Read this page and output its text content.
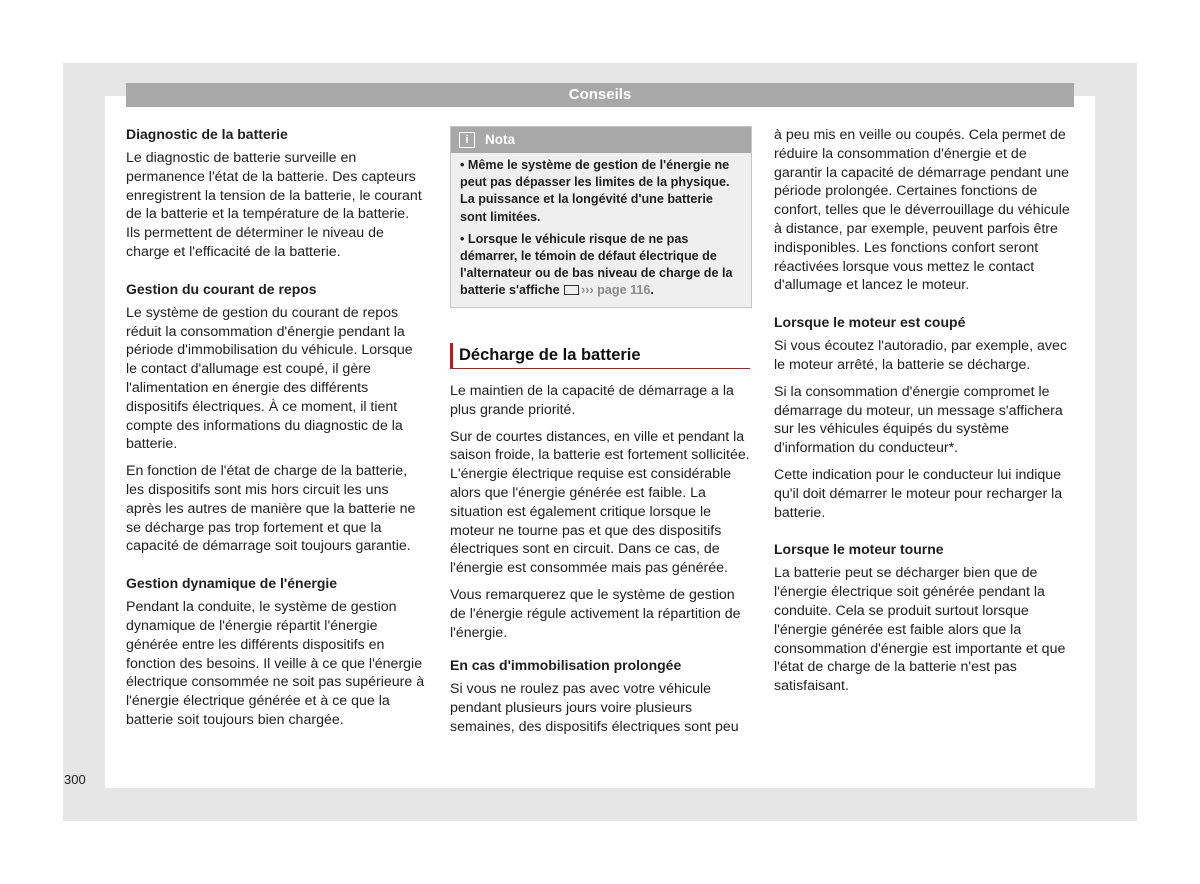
Conseils
Diagnostic de la batterie

Le diagnostic de batterie surveille en permanence l'état de la batterie. Des capteurs enregistrent la tension de la batterie, le courant de la batterie et la température de la batterie. Ils permettent de déterminer le niveau de charge et l'efficacité de la batterie.

Gestion du courant de repos

Le système de gestion du courant de repos réduit la consommation d'énergie pendant la période d'immobilisation du véhicule. Lorsque le contact d'allumage est coupé, il gère l'alimentation en énergie des différents dispositifs électriques. À ce moment, il tient compte des informations du diagnostic de la batterie.

En fonction de l'état de charge de la batterie, les dispositifs sont mis hors circuit les uns après les autres de manière que la batterie ne se décharge pas trop fortement et que la capacité de démarrage soit toujours garantie.

Gestion dynamique de l'énergie

Pendant la conduite, le système de gestion dynamique de l'énergie répartit l'énergie générée entre les différents dispositifs en fonction des besoins. Il veille à ce que l'énergie électrique consommée ne soit pas supérieure à l'énergie électrique générée et à ce que la batterie soit toujours bien chargée.

i	Nota

• Même le système de gestion de l'énergie ne peut pas dépasser les limites de la physique. La puissance et la longévité d'une batterie sont limitées.

• Lorsque le véhicule risque de ne pas démarrer, le témoin de défaut électrique de l'alternateur ou de bas niveau de charge de la batterie s'affiche ››› page 116.

Décharge de la batterie

Le maintien de la capacité de démarrage a la plus grande priorité.

Sur de courtes distances, en ville et pendant la saison froide, la batterie est fortement sollicitée. L'énergie électrique requise est considérable alors que l'énergie générée est faible. La situation est également critique lorsque le moteur ne tourne pas et que des dispositifs électriques sont en circuit. Dans ce cas, de l'énergie est consommée mais pas générée.

Vous remarquerez que le système de gestion de l'énergie régule activement la répartition de l'énergie.

En cas d'immobilisation prolongée

Si vous ne roulez pas avec votre véhicule pendant plusieurs jours voire plusieurs semaines, des dispositifs électriques sont peu

à peu mis en veille ou coupés. Cela permet de réduire la consommation d'énergie et de garantir la capacité de démarrage pendant une période prolongée. Certaines fonctions de confort, telles que le déverrouillage du véhicule à distance, par exemple, peuvent parfois être indisponibles. Les fonctions confort seront réactivées lorsque vous mettez le contact d'allumage et lancez le moteur.

Lorsque le moteur est coupé

Si vous écoutez l'autoradio, par exemple, avec le moteur arrêté, la batterie se décharge.

Si la consommation d'énergie compromet le démarrage du moteur, un message s'affichera sur les véhicules équipés du système d'information du conducteur*.

Cette indication pour le conducteur lui indique qu'il doit démarrer le moteur pour recharger la batterie.

Lorsque le moteur tourne

La batterie peut se décharger bien que de l'énergie électrique soit générée pendant la conduite. Cela se produit surtout lorsque l'énergie générée est faible alors que la consommation d'énergie est importante et que l'état de charge de la batterie n'est pas satisfaisant.

300
